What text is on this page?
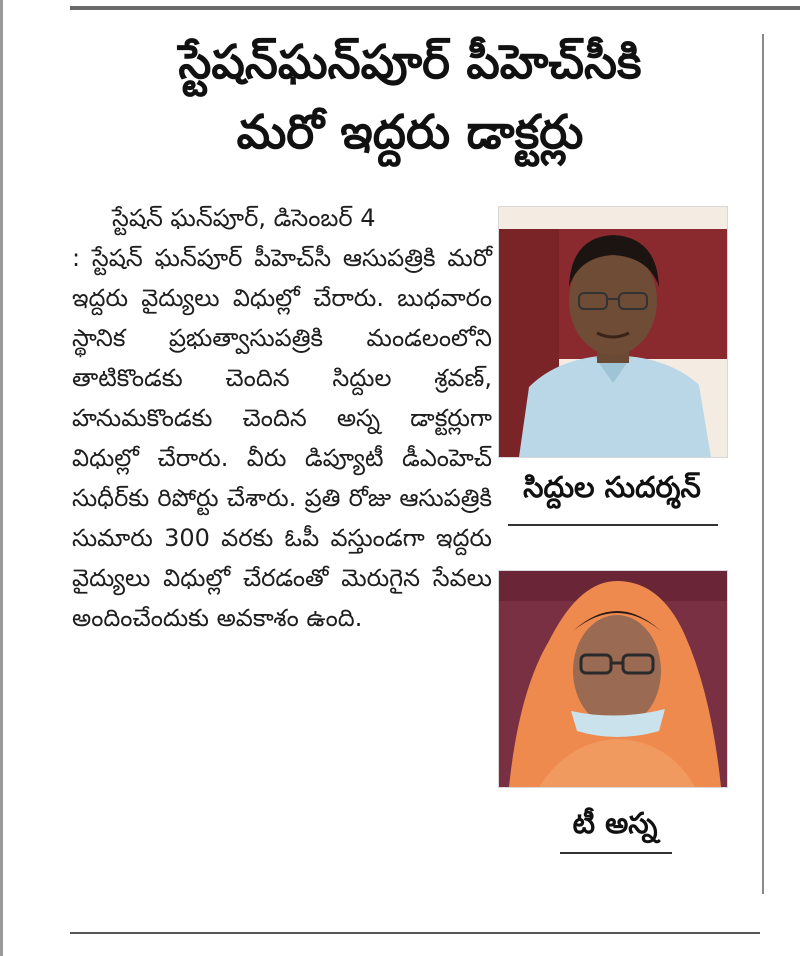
స్టేషన్‌ఘన్‌పూర్ పీహెచ్‌సీకి
మరో ఇద్దరు డాక్టర్లు
స్టేషన్ ఘన్‌పూర్, డిసెంబర్ 4
: స్టేషన్ ఘన్‌పూర్ పీహెచ్‌సీ ఆసుపత్రికి మరో ఇద్దరు వైద్యులు విధుల్లో చేరారు. బుధవారం స్థానిక ప్రభుత్వాసుపత్రికి మండలంలోని తాటికొండకు చెందిన సిద్దుల శ్రవణ్, హనుమకొండకు చెందిన అస్న డాక్టర్లుగా విధుల్లో చేరారు. వీరు డిప్యూటీ డీఎంహెచ్ సుధీర్‌కు రిపోర్టు చేశారు. ప్రతి రోజు ఆసుపత్రికి సుమారు 300 వరకు ఓపీ వస్తుండగా ఇద్దరు వైద్యులు విధుల్లో చేరడంతో మెరుగైన సేవలు అందించేందుకు అవకాశం ఉంది.
సిద్దుల సుదర్శన్
టీ అస్న
